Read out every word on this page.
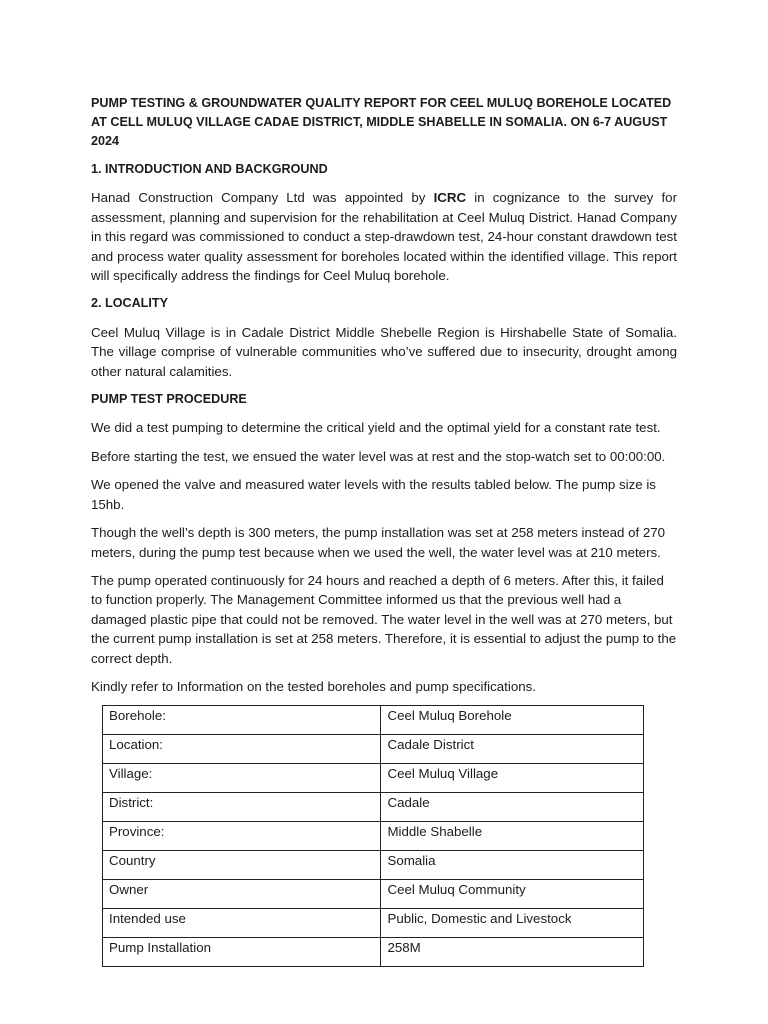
PUMP TESTING & GROUNDWATER QUALITY REPORT FOR CEEL MULUQ BOREHOLE LOCATED AT CELL MULUQ VILLAGE CADAE DISTRICT, MIDDLE SHABELLE IN SOMALIA. ON 6-7 AUGUST 2024

1. INTRODUCTION AND BACKGROUND

Hanad Construction Company Ltd was appointed by ICRC in cognizance to the survey for assessment, planning and supervision for the rehabilitation at Ceel Muluq District. Hanad Company in this regard was commissioned to conduct a step-drawdown test, 24-hour constant drawdown test and process water quality assessment for boreholes located within the identified village. This report will specifically address the findings for Ceel Muluq borehole.

2. LOCALITY

Ceel Muluq Village is in Cadale District Middle Shebelle Region is Hirshabelle State of Somalia. The village comprise of vulnerable communities who’ve suffered due to insecurity, drought among other natural calamities.

PUMP TEST PROCEDURE

We did a test pumping to determine the critical yield and the optimal yield for a constant rate test.

Before starting the test, we ensued the water level was at rest and the stop-watch set to 00:00:00.

We opened the valve and measured water levels with the results tabled below. The pump size is 15hb.

Though the well’s depth is 300 meters, the pump installation was set at 258 meters instead of 270 meters, during the pump test because when we used the well, the water level was at 210 meters.

The pump operated continuously for 24 hours and reached a depth of 6 meters. After this, it failed to function properly. The Management Committee informed us that the previous well had a damaged plastic pipe that could not be removed. The water level in the well was at 270 meters, but the current pump installation is set at 258 meters. Therefore, it is essential to adjust the pump to the correct depth.

Kindly refer to Information on the tested boreholes and pump specifications.

Borehole:	Ceel Muluq Borehole
Location:	Cadale District
Village:	Ceel Muluq Village
District:	Cadale
Province:	Middle Shabelle
Country	Somalia
Owner	Ceel Muluq Community
Intended use	Public, Domestic and Livestock
Pump Installation	258M
